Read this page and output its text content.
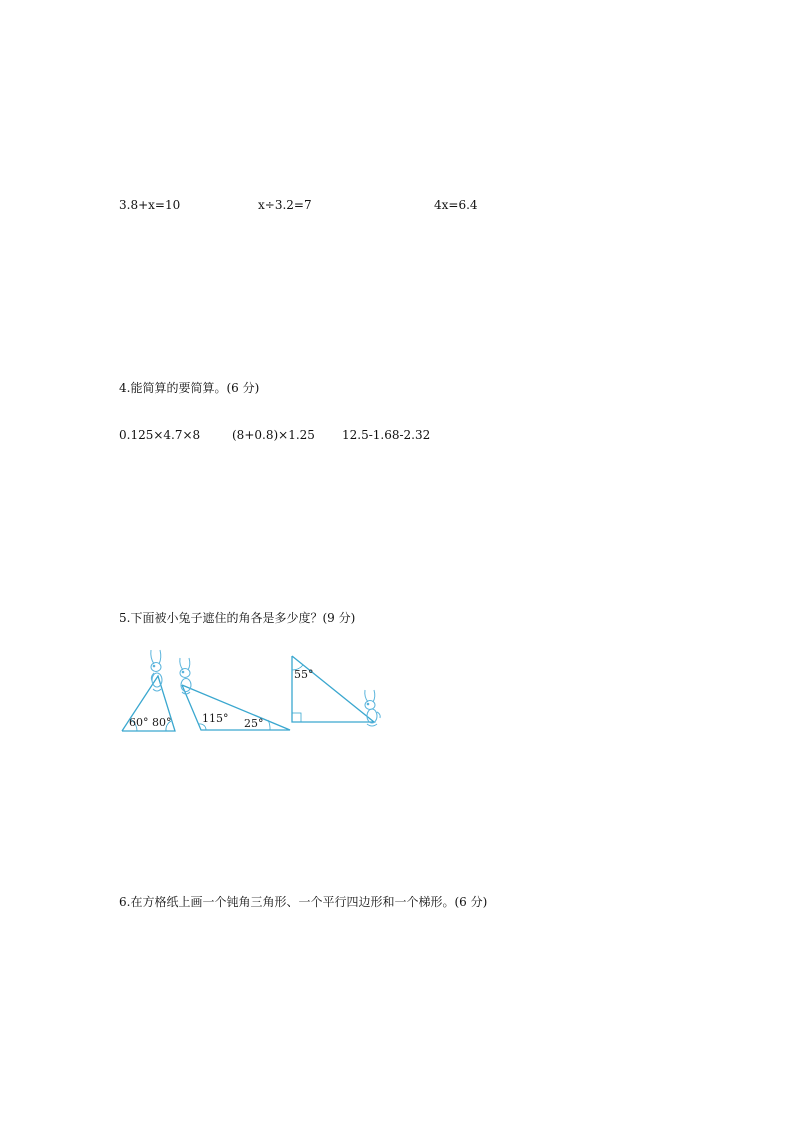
3.8+x=10	x÷3.2=7	4x=6.4
4.能简算的要简算。(6 分)
0.125×4.7×8	(8+0.8)×1.25 12.5-1.68-2.32
5.下面被小兔子遮住的角各是多少度？(9 分)
60° 80°	115° 25°
55°
6.在方格纸上画一个钝角三角形、一个平行四边形和一个梯形。(6 分)
